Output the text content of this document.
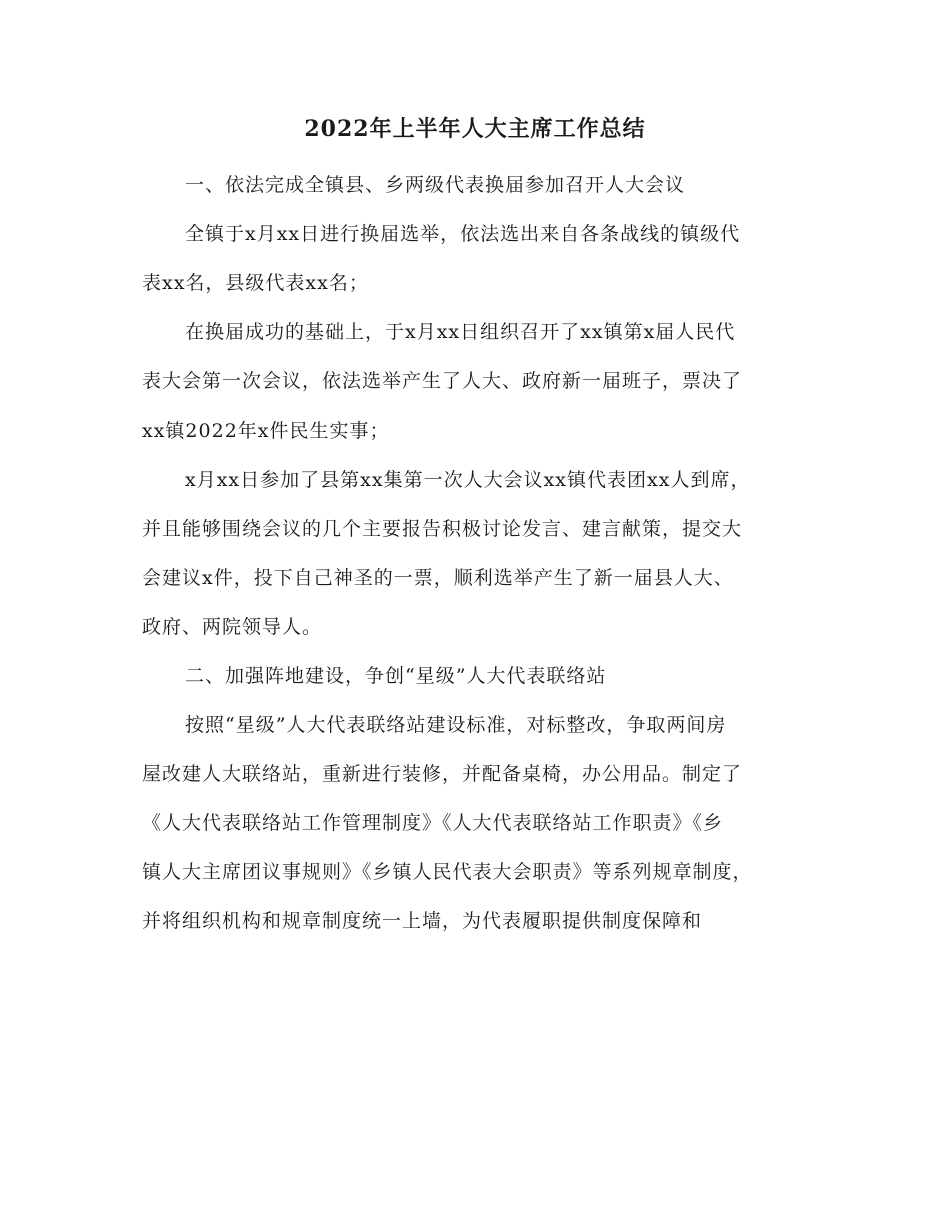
2022年上半年人大主席工作总结

一、依法完成全镇县、乡两级代表换届参加召开人大会议

全镇于x月xx日进行换届选举，依法选出来自各条战线的镇级代

表xx名，县级代表xx名；

在换届成功的基础上，于x月xx日组织召开了xx镇第x届人民代

表大会第一次会议，依法选举产生了人大、政府新一届班子，票决了

xx镇2022年x件民生实事；

x月xx日参加了县第xx集第一次人大会议xx镇代表团xx人到席，

并且能够围绕会议的几个主要报告积极讨论发言、建言献策，提交大

会建议x件，投下自己神圣的一票，顺利选举产生了新一届县人大、

政府、两院领导人。

二、加强阵地建设，争创“星级”人大代表联络站

按照“星级”人大代表联络站建设标准，对标整改，争取两间房

屋改建人大联络站，重新进行装修，并配备桌椅，办公用品。制定了

《人大代表联络站工作管理制度》《人大代表联络站工作职责》《乡

镇人大主席团议事规则》《乡镇人民代表大会职责》等系列规章制度，

并将组织机构和规章制度统一上墙，为代表履职提供制度保障和
